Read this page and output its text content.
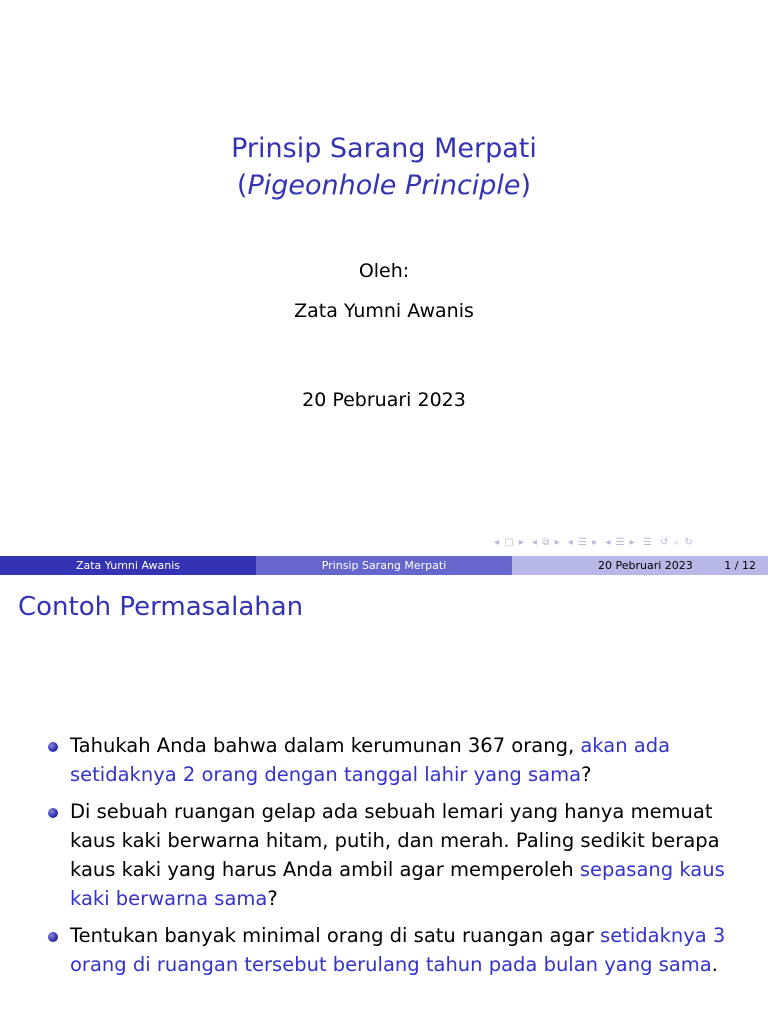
Prinsip Sarang Merpati
(Pigeonhole Principle)
Oleh:
Zata Yumni Awanis
20 Pebruari 2023
◂ ▢ ▸ ◂ ⧉ ▸ ◂ ☰ ▸ ◂ ☰ ▸ ☰ ↺ ⌕ ↻
Zata Yumni Awanis	Prinsip Sarang Merpati	20 Pebruari 2023	1 / 12
Contoh Permasalahan
Tahukah Anda bahwa dalam kerumunan 367 orang, akan ada setidaknya 2 orang dengan tanggal lahir yang sama?
Di sebuah ruangan gelap ada sebuah lemari yang hanya memuat kaus kaki berwarna hitam, putih, dan merah. Paling sedikit berapa kaus kaki yang harus Anda ambil agar memperoleh sepasang kaus kaki berwarna sama?
Tentukan banyak minimal orang di satu ruangan agar setidaknya 3 orang di ruangan tersebut berulang tahun pada bulan yang sama.
